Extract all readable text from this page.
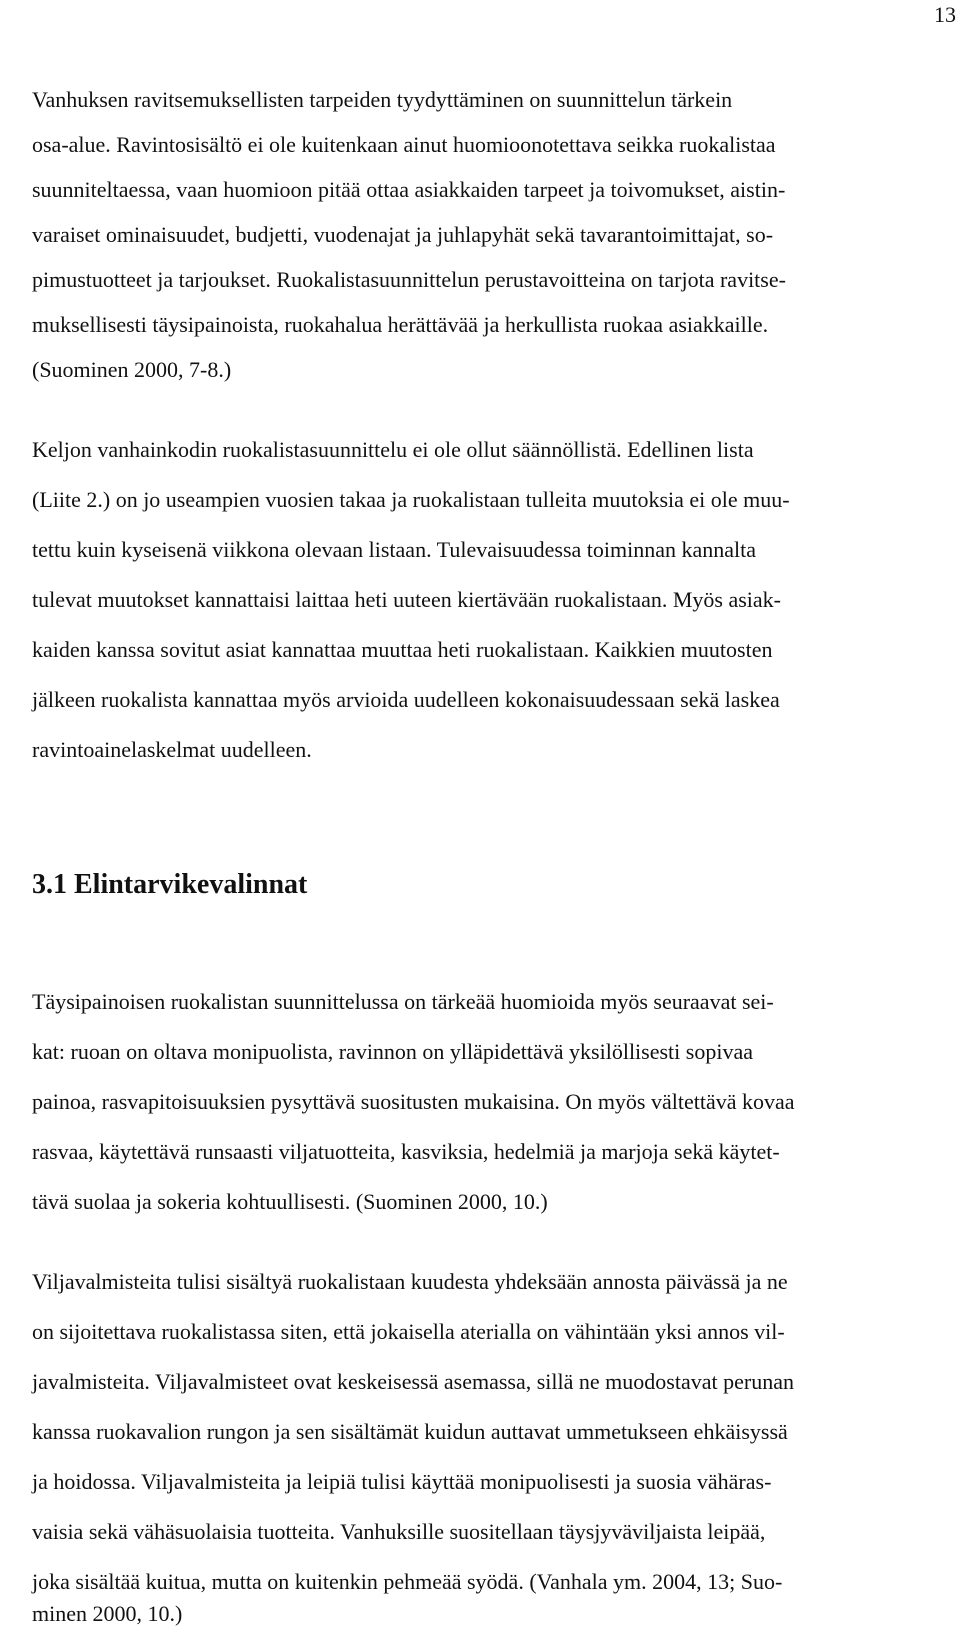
13
Vanhuksen ravitsemuksellisten tarpeiden tyydyttäminen on suunnittelun tärkein
osa-alue. Ravintosisältö ei ole kuitenkaan ainut huomioonotettava seikka ruokalistaa
suunniteltaessa, vaan huomioon pitää ottaa asiakkaiden tarpeet ja toivomukset, aistin-
varaiset ominaisuudet, budjetti, vuodenajat ja juhlapyhät sekä tavarantoimittajat, so-
pimustuotteet ja tarjoukset. Ruokalistasuunnittelun perustavoitteina on tarjota ravitse-
muksellisesti täysipainoista, ruokahalua herättävää ja herkullista ruokaa asiakkaille.
(Suominen 2000, 7-8.)
Keljon vanhainkodin ruokalistasuunnittelu ei ole ollut säännöllistä. Edellinen lista
(Liite 2.) on jo useampien vuosien takaa ja ruokalistaan tulleita muutoksia ei ole muu-
tettu kuin kyseisenä viikkona olevaan listaan. Tulevaisuudessa toiminnan kannalta
tulevat muutokset kannattaisi laittaa heti uuteen kiertävään ruokalistaan. Myös asiak-
kaiden kanssa sovitut asiat kannattaa muuttaa heti ruokalistaan. Kaikkien muutosten
jälkeen ruokalista kannattaa myös arvioida uudelleen kokonaisuudessaan sekä laskea
ravintoainelaskelmat uudelleen.
3.1 Elintarvikevalinnat
Täysipainoisen ruokalistan suunnittelussa on tärkeää huomioida myös seuraavat sei-
kat: ruoan on oltava monipuolista, ravinnon on ylläpidettävä yksilöllisesti sopivaa
painoa, rasvapitoisuuksien pysyttävä suositusten mukaisina. On myös vältettävä kovaa
rasvaa, käytettävä runsaasti viljatuotteita, kasviksia, hedelmiä ja marjoja sekä käytet-
tävä suolaa ja sokeria kohtuullisesti. (Suominen 2000, 10.)
Viljavalmisteita tulisi sisältyä ruokalistaan kuudesta yhdeksään annosta päivässä ja ne
on sijoitettava ruokalistassa siten, että jokaisella aterialla on vähintään yksi annos vil-
javalmisteita. Viljavalmisteet ovat keskeisessä asemassa, sillä ne muodostavat perunan
kanssa ruokavalion rungon ja sen sisältämät kuidun auttavat ummetukseen ehkäisyssä
ja hoidossa. Viljavalmisteita ja leipiä tulisi käyttää monipuolisesti ja suosia vähäras-
vaisia sekä vähäsuolaisia tuotteita. Vanhuksille suositellaan täysjyväviljaista leipää,
joka sisältää kuitua, mutta on kuitenkin pehmeää syödä. (Vanhala ym. 2004, 13; Suo-
minen 2000, 10.)
